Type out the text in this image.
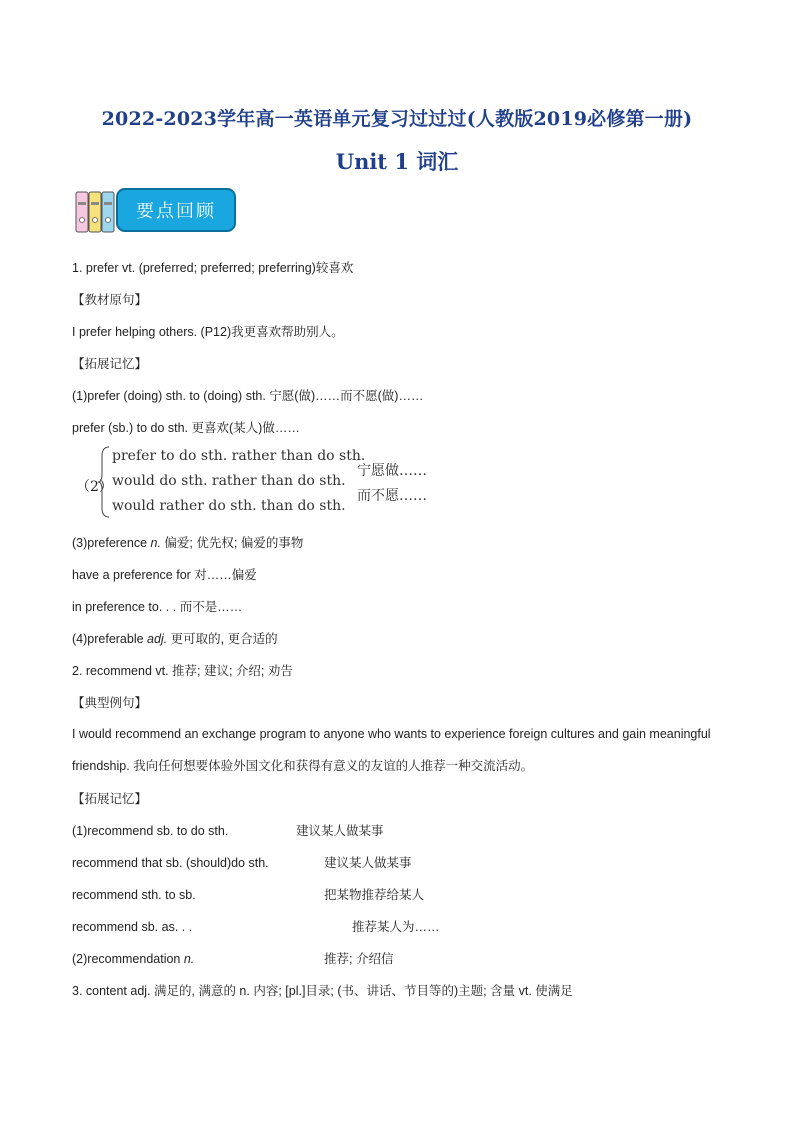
2022-2023学年高一英语单元复习过过过(人教版2019必修第一册)
Unit 1 词汇
要点回顾
1. prefer vt. (preferred; preferred; preferring)较喜欢
【教材原句】
I prefer helping others. (P12)我更喜欢帮助别人。
【拓展记忆】
(1)prefer (doing) sth. to (doing) sth. 宁愿(做)……而不愿(做)……
prefer (sb.) to do sth. 更喜欢(某人)做……
（2）
prefer to do sth. rather than do sth.
would do sth. rather than do sth.
would rather do sth. than do sth.
宁愿做……
而不愿……
(3)preference n. 偏爱; 优先权; 偏爱的事物
have a preference for 对……偏爱
in preference to. . . 而不是……
(4)preferable adj. 更可取的, 更合适的
2. recommend vt. 推荐; 建议; 介绍; 劝告
【典型例句】
I would recommend an exchange program to anyone who wants to experience foreign cultures and gain meaningful friendship. 我向任何想要体验外国文化和获得有意义的友谊的人推荐一种交流活动。
【拓展记忆】
(1)recommend sb. to do sth.	建议某人做某事
recommend that sb. (should)do sth.	建议某人做某事
recommend sth. to sb.	把某物推荐给某人
recommend sb. as. . .	推荐某人为……
(2)recommendation n.	推荐; 介绍信
3. content adj. 满足的, 满意的 n. 内容; [pl.]目录; (书、讲话、节目等的)主题; 含量 vt. 使满足
